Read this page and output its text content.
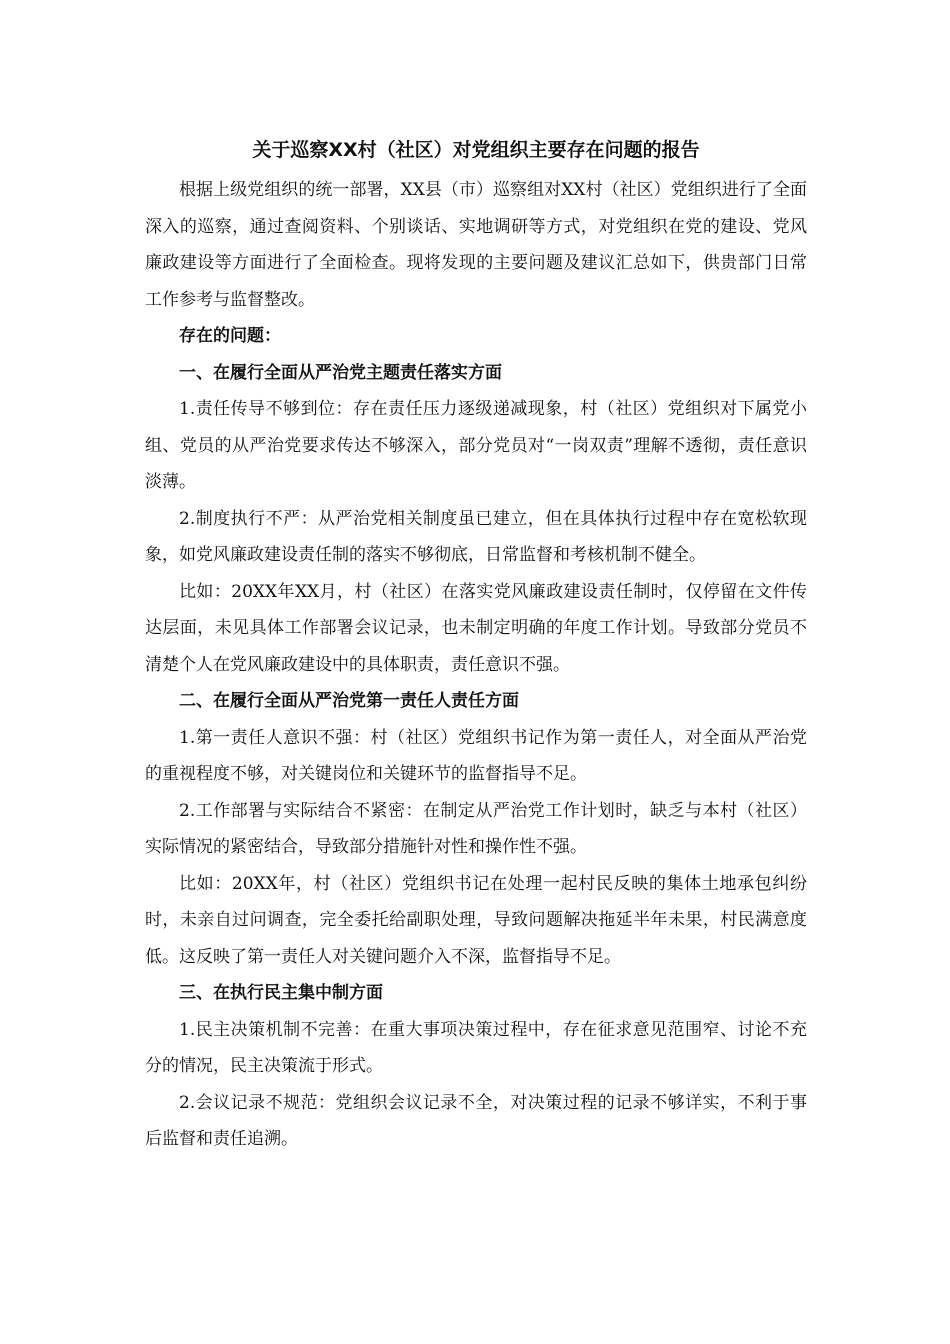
关于巡察XX村（社区）对党组织主要存在问题的报告

根据上级党组织的统一部署，XX县（市）巡察组对XX村（社区）党组织进行了全面深入的巡察，通过查阅资料、个别谈话、实地调研等方式，对党组织在党的建设、党风廉政建设等方面进行了全面检查。现将发现的主要问题及建议汇总如下，供贵部门日常工作参考与监督整改。

存在的问题：

一、在履行全面从严治党主题责任落实方面

1.责任传导不够到位：存在责任压力逐级递减现象，村（社区）党组织对下属党小组、党员的从严治党要求传达不够深入，部分党员对“一岗双责”理解不透彻，责任意识淡薄。

2.制度执行不严：从严治党相关制度虽已建立，但在具体执行过程中存在宽松软现象，如党风廉政建设责任制的落实不够彻底，日常监督和考核机制不健全。

比如：20XX年XX月，村（社区）在落实党风廉政建设责任制时，仅停留在文件传达层面，未见具体工作部署会议记录，也未制定明确的年度工作计划。导致部分党员不清楚个人在党风廉政建设中的具体职责，责任意识不强。

二、在履行全面从严治党第一责任人责任方面

1.第一责任人意识不强：村（社区）党组织书记作为第一责任人，对全面从严治党的重视程度不够，对关键岗位和关键环节的监督指导不足。

2.工作部署与实际结合不紧密：在制定从严治党工作计划时，缺乏与本村（社区）实际情况的紧密结合，导致部分措施针对性和操作性不强。

比如：20XX年，村（社区）党组织书记在处理一起村民反映的集体土地承包纠纷时，未亲自过问调查，完全委托给副职处理，导致问题解决拖延半年未果，村民满意度低。这反映了第一责任人对关键问题介入不深，监督指导不足。

三、在执行民主集中制方面

1.民主决策机制不完善：在重大事项决策过程中，存在征求意见范围窄、讨论不充分的情况，民主决策流于形式。

2.会议记录不规范：党组织会议记录不全，对决策过程的记录不够详实，不利于事后监督和责任追溯。
